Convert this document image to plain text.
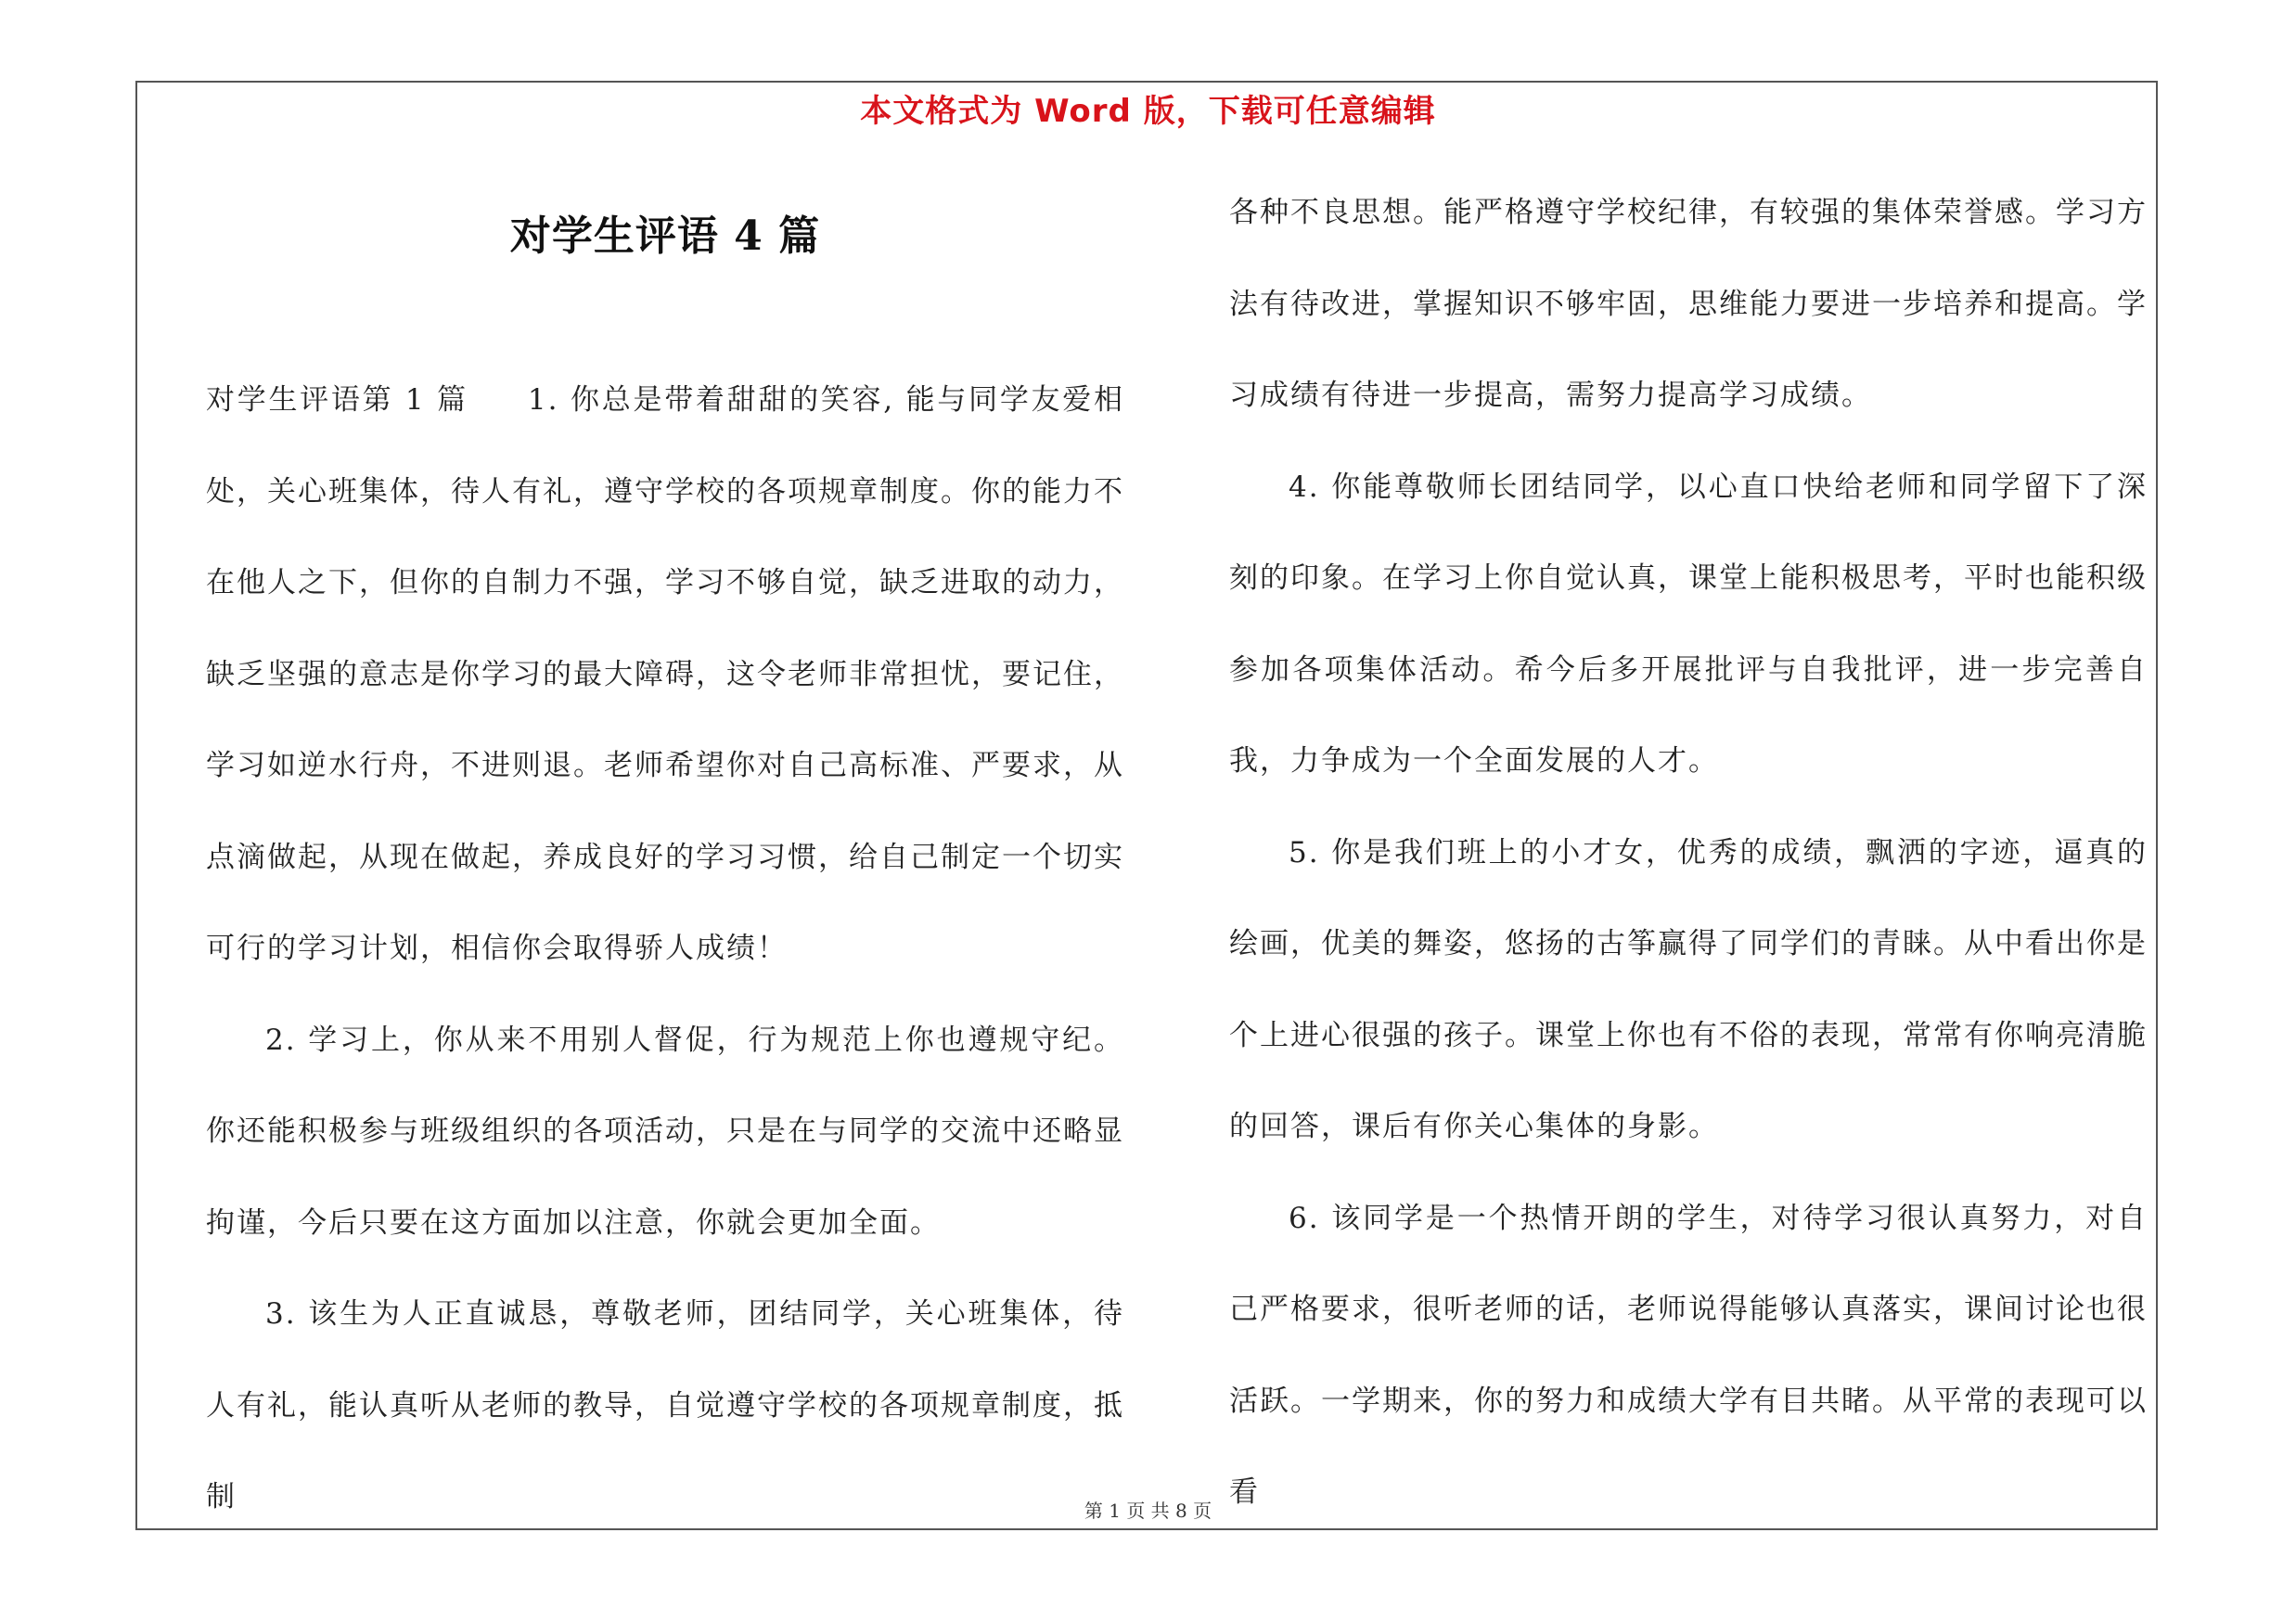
本文格式为 Word 版，下载可任意编辑
对学生评语 4 篇

对学生评语第 1 篇 1. 你总是带着甜甜的笑容, 能与同学友爱相处，关心班集体，待人有礼，遵守学校的各项规章制度。你的能力不在他人之下，但你的自制力不强，学习不够自觉，缺乏进取的动力，缺乏坚强的意志是你学习的最大障碍，这令老师非常担忧，要记住，学习如逆水行舟，不进则退。老师希望你对自己高标准、严要求，从点滴做起，从现在做起，养成良好的学习习惯，给自己制定一个切实可行的学习计划，相信你会取得骄人成绩！

2. 学习上，你从来不用别人督促，行为规范上你也遵规守纪。你还能积极参与班级组织的各项活动，只是在与同学的交流中还略显拘谨，今后只要在这方面加以注意，你就会更加全面。

3. 该生为人正直诚恳，尊敬老师，团结同学，关心班集体，待人有礼，能认真听从老师的教导，自觉遵守学校的各项规章制度，抵制

各种不良思想。能严格遵守学校纪律，有较强的集体荣誉感。学习方法有待改进，掌握知识不够牢固，思维能力要进一步培养和提高。学习成绩有待进一步提高，需努力提高学习成绩。

4. 你能尊敬师长团结同学，以心直口快给老师和同学留下了深刻的印象。在学习上你自觉认真，课堂上能积极思考，平时也能积级参加各项集体活动。希今后多开展批评与自我批评，进一步完善自我，力争成为一个全面发展的人才。

5. 你是我们班上的小才女，优秀的成绩，飘洒的字迹，逼真的绘画，优美的舞姿，悠扬的古筝赢得了同学们的青睐。从中看出你是个上进心很强的孩子。课堂上你也有不俗的表现，常常有你响亮清脆的回答，课后有你关心集体的身影。

6. 该同学是一个热情开朗的学生，对待学习很认真努力，对自己严格要求，很听老师的话，老师说得能够认真落实，课间讨论也很活跃。一学期来，你的努力和成绩大学有目共睹。从平常的表现可以看

第 1 页 共 8 页
